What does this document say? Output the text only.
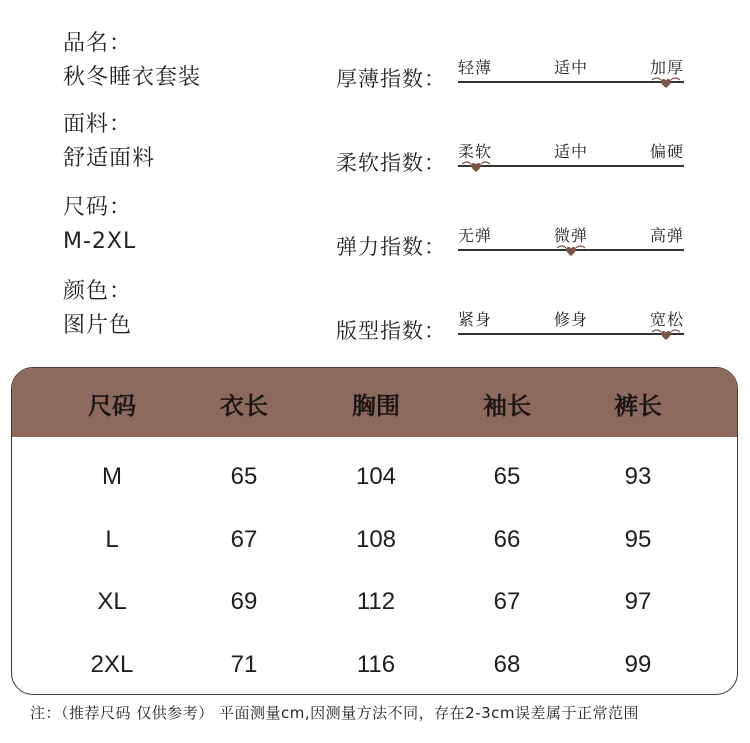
品名：
秋冬睡衣套装
面料：
舒适面料
尺码：
M-2XL
颜色：
图片色
厚薄指数： 轻薄	适中	加厚
柔软指数： 柔软	适中	偏硬
弹力指数： 无弹	微弹	高弹
版型指数： 紧身	修身	宽松
尺码	衣长	胸围	袖长	裤长
M	65	104	65	93
L	67	108	66	95
XL	69	112	67	97
2XL	71	116	68	99
注：（推荐尺码 仅供参考） 平面测量cm,因测量方法不同，存在2-3cm误差属于正常范围
